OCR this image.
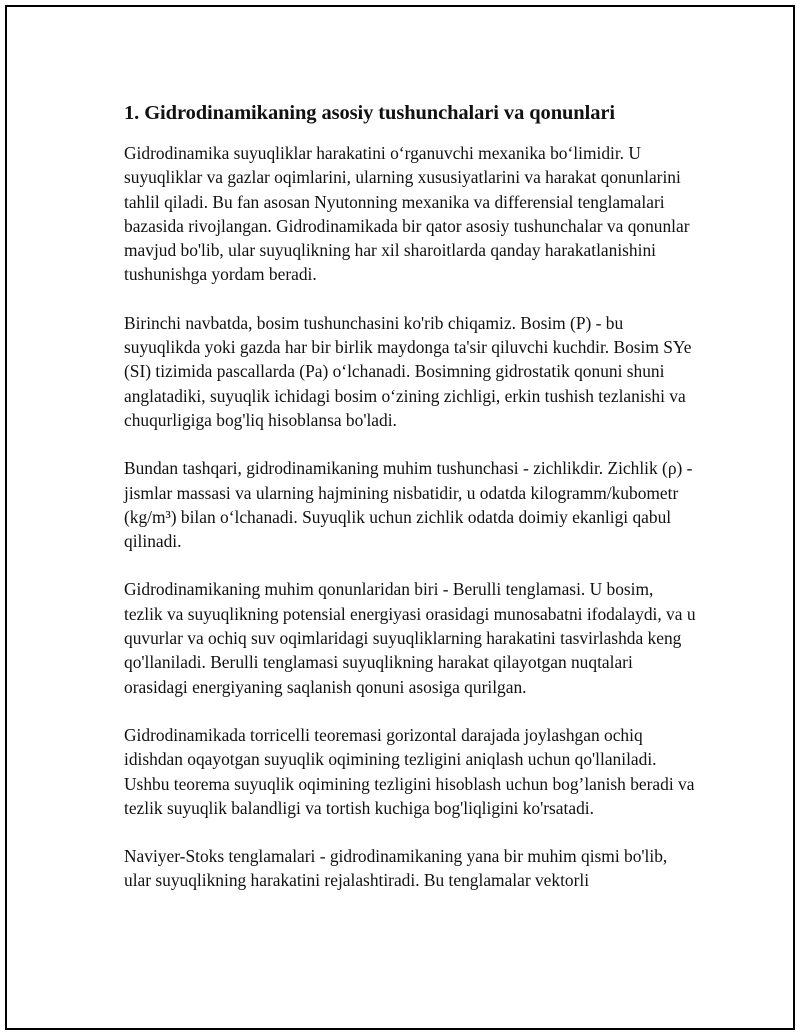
1. Gidrodinamikaning asosiy tushunchalari va qonunlari

Gidrodinamika suyuqliklar harakatini o‘rganuvchi mexanika bo‘limidir. U suyuqliklar va gazlar oqimlarini, ularning xususiyatlarini va harakat qonunlarini tahlil qiladi. Bu fan asosan Nyutonning mexanika va differensial tenglamalari bazasida rivojlangan. Gidrodinamikada bir qator asosiy tushunchalar va qonunlar mavjud bo'lib, ular suyuqlikning har xil sharoitlarda qanday harakatlanishini tushunishga yordam beradi.

Birinchi navbatda, bosim tushunchasini ko'rib chiqamiz. Bosim (P) - bu suyuqlikda yoki gazda har bir birlik maydonga ta'sir qiluvchi kuchdir. Bosim SYe (SI) tizimida pascallarda (Pa) o‘lchanadi. Bosimning gidrostatik qonuni shuni anglatadiki, suyuqlik ichidagi bosim o‘zining zichligi, erkin tushish tezlanishi va chuqurligiga bog'liq hisoblansa bo'ladi.

Bundan tashqari, gidrodinamikaning muhim tushunchasi - zichlikdir. Zichlik (ρ) - jismlar massasi va ularning hajmining nisbatidir, u odatda kilogramm/kubometr (kg/m³) bilan o‘lchanadi. Suyuqlik uchun zichlik odatda doimiy ekanligi qabul qilinadi.

Gidrodinamikaning muhim qonunlaridan biri - Berulli tenglamasi. U bosim, tezlik va suyuqlikning potensial energiyasi orasidagi munosabatni ifodalaydi, va u quvurlar va ochiq suv oqimlaridagi suyuqliklarning harakatini tasvirlashda keng qo'llaniladi. Berulli tenglamasi suyuqlikning harakat qilayotgan nuqtalari orasidagi energiyaning saqlanish qonuni asosiga qurilgan.

Gidrodinamikada torricelli teoremasi gorizontal darajada joylashgan ochiq idishdan oqayotgan suyuqlik oqimining tezligini aniqlash uchun qo'llaniladi. Ushbu teorema suyuqlik oqimining tezligini hisoblash uchun bog’lanish beradi va tezlik suyuqlik balandligi va tortish kuchiga bog'liqligini ko'rsatadi.

Naviyer-Stoks tenglamalari - gidrodinamikaning yana bir muhim qismi bo'lib, ular suyuqlikning harakatini rejalashtiradi. Bu tenglamalar vektorli
